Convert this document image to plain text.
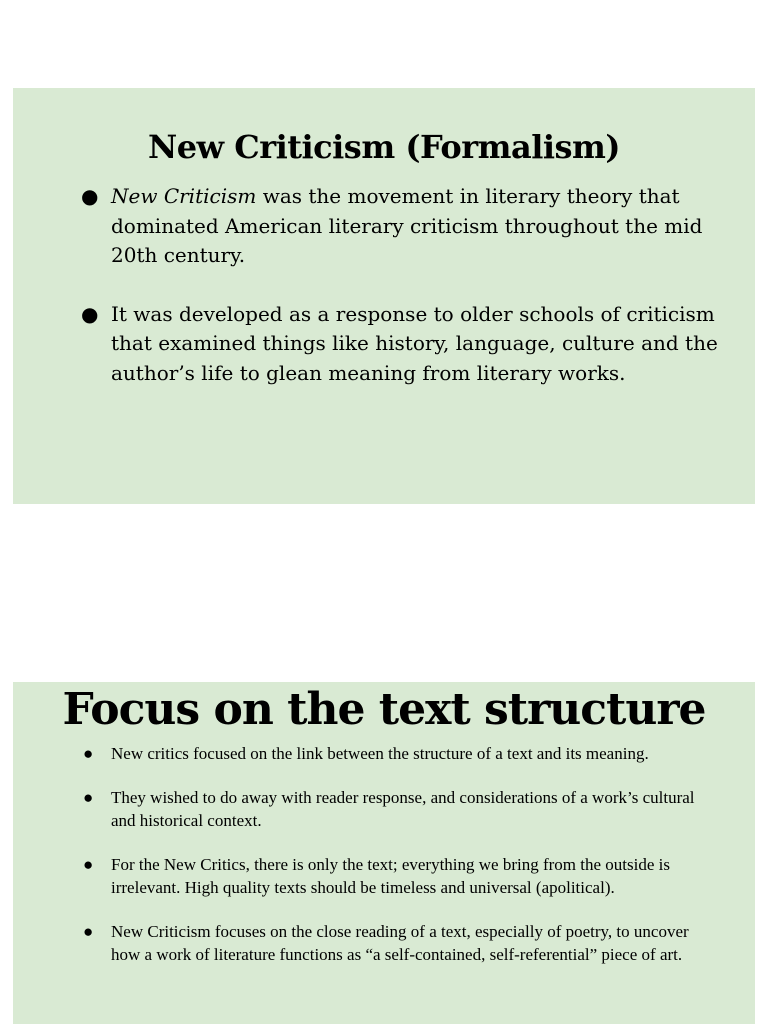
New Criticism (Formalism)
● New Criticism was the movement in literary theory that dominated American literary criticism throughout the mid 20th century.
● It was developed as a response to older schools of criticism that examined things like history, language, culture and the author’s life to glean meaning from literary works.
Focus on the text structure
● New critics focused on the link between the structure of a text and its meaning.
● They wished to do away with reader response, and considerations of a work’s cultural and historical context.
● For the New Critics, there is only the text; everything we bring from the outside is irrelevant. High quality texts should be timeless and universal (apolitical).
● New Criticism focuses on the close reading of a text, especially of poetry, to uncover how a work of literature functions as “a self-contained, self-referential” piece of art.
